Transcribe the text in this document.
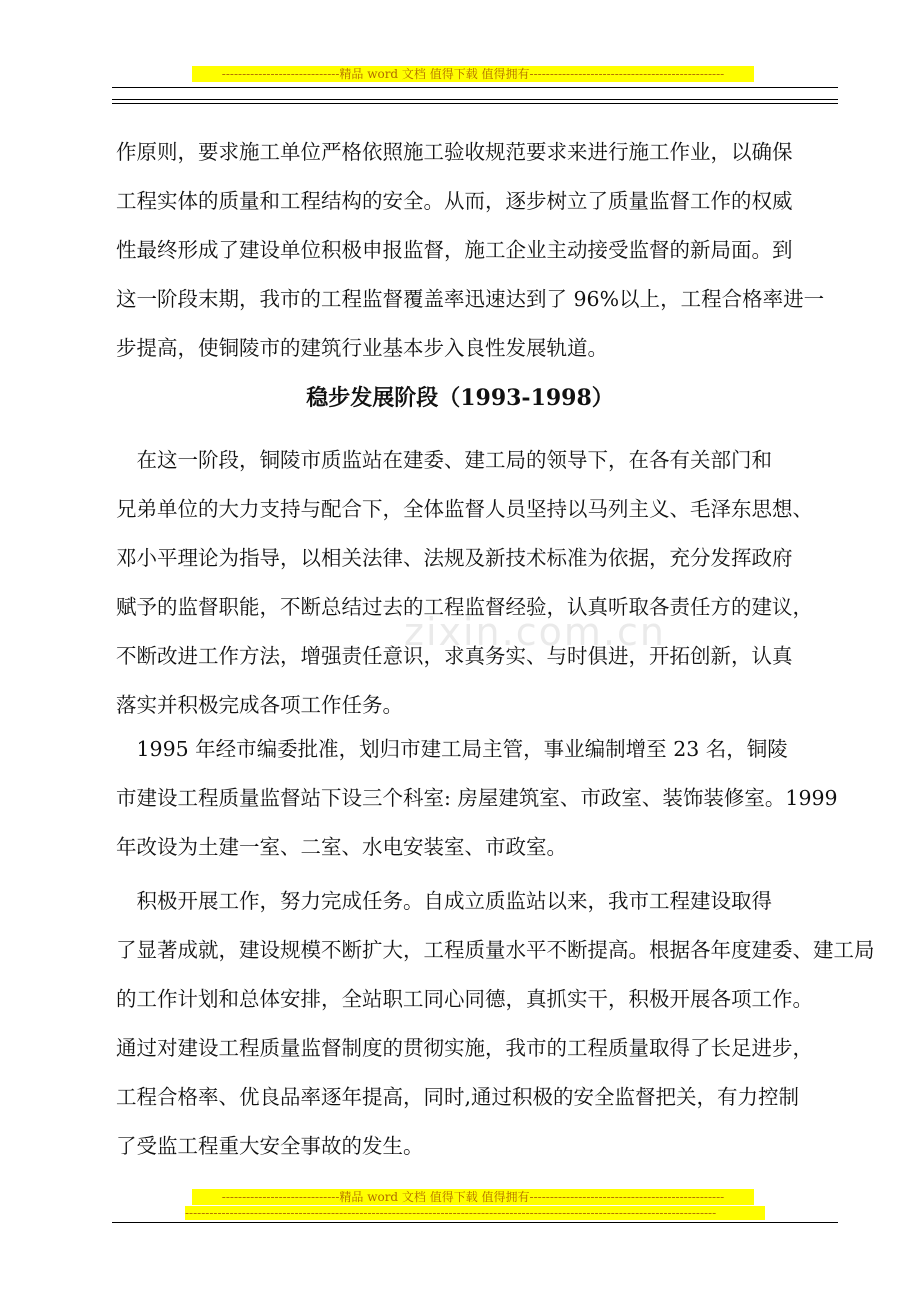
-----------------------------精品 word 文档 值得下载 值得拥有------------------------------------------------
作原则，要求施工单位严格依照施工验收规范要求来进行施工作业，以确保
工程实体的质量和工程结构的安全。从而，逐步树立了质量监督工作的权威
性最终形成了建设单位积极申报监督，施工企业主动接受监督的新局面。到
这一阶段末期，我市的工程监督覆盖率迅速达到了 96%以上，工程合格率进一
步提高，使铜陵市的建筑行业基本步入良性发展轨道。
稳步发展阶段（1993-1998）
zixin.com.cn
　在这一阶段，铜陵市质监站在建委、建工局的领导下，在各有关部门和
兄弟单位的大力支持与配合下，全体监督人员坚持以马列主义、毛泽东思想、
邓小平理论为指导，以相关法律、法规及新技术标准为依据，充分发挥政府
赋予的监督职能，不断总结过去的工程监督经验，认真听取各责任方的建议，
不断改进工作方法，增强责任意识，求真务实、与时俱进，开拓创新，认真
落实并积极完成各项工作任务。
　1995 年经市编委批准，划归市建工局主管，事业编制增至 23 名，铜陵
市建设工程质量监督站下设三个科室: 房屋建筑室、市政室、装饰装修室。1999
年改设为土建一室、二室、水电安装室、市政室。
　积极开展工作，努力完成任务。自成立质监站以来，我市工程建设取得
了显著成就，建设规模不断扩大，工程质量水平不断提高。根据各年度建委、建工局
的工作计划和总体安排，全站职工同心同德，真抓实干，积极开展各项工作。
通过对建设工程质量监督制度的贯彻实施，我市的工程质量取得了长足进步，
工程合格率、优良品率逐年提高，同时,通过积极的安全监督把关，有力控制
了受监工程重大安全事故的发生。
-----------------------------精品 word 文档 值得下载 值得拥有------------------------------------------------
-----------------------------------------------------------------------------------------------------------------------------------
